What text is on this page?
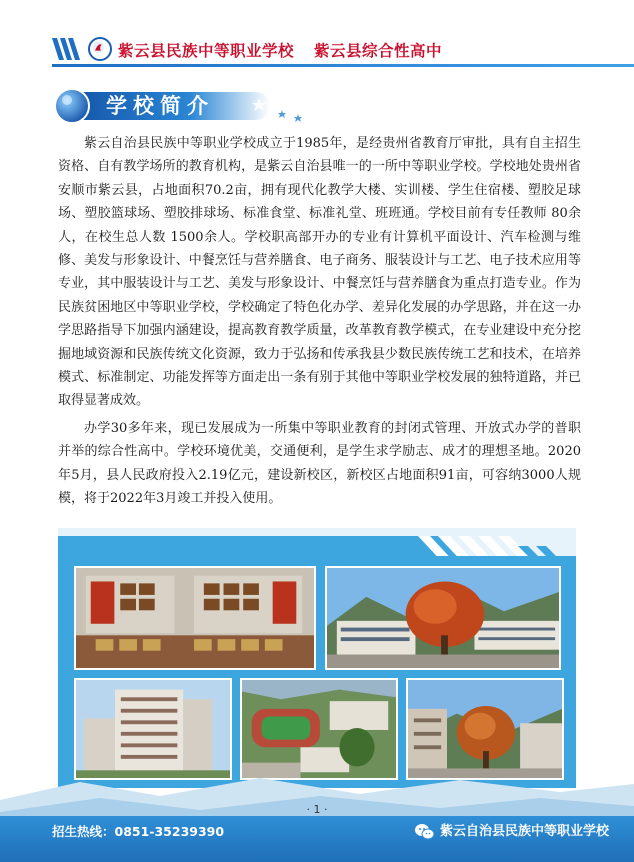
紫云县民族中等职业学校 紫云县综合性高中
学校简介

紫云自治县民族中等职业学校成立于1985年，是经贵州省教育厅审批，具有自主招生资格、自有教学场所的教育机构，是紫云自治县唯一的一所中等职业学校。学校地处贵州省安顺市紫云县，占地面积70.2亩，拥有现代化教学大楼、实训楼、学生住宿楼、塑胶足球场、塑胶篮球场、塑胶排球场、标准食堂、标准礼堂、班班通。学校目前有专任教师 80余人，在校生总人数 1500余人。学校职高部开办的专业有计算机平面设计、汽车检测与维修、美发与形象设计、中餐烹饪与营养膳食、电子商务、服装设计与工艺、电子技术应用等专业，其中服装设计与工艺、美发与形象设计、中餐烹饪与营养膳食为重点打造专业。作为民族贫困地区中等职业学校，学校确定了特色化办学、差异化发展的办学思路，并在这一办学思路指导下加强内涵建设，提高教育教学质量，改革教育教学模式，在专业建设中充分挖掘地域资源和民族传统文化资源，致力于弘扬和传承我县少数民族传统工艺和技术，在培养模式、标准制定、功能发挥等方面走出一条有别于其他中等职业学校发展的独特道路，并已取得显著成效。

办学30多年来，现已发展成为一所集中等职业教育的封闭式管理、开放式办学的普职并举的综合性高中。学校环境优美，交通便利，是学生求学励志、成才的理想圣地。2020年5月，县人民政府投入2.19亿元，建设新校区，新校区占地面积91亩，可容纳3000人规模，将于2022年3月竣工并投入使用。

· 1 ·
招生热线：0851-35239390	紫云自治县民族中等职业学校
